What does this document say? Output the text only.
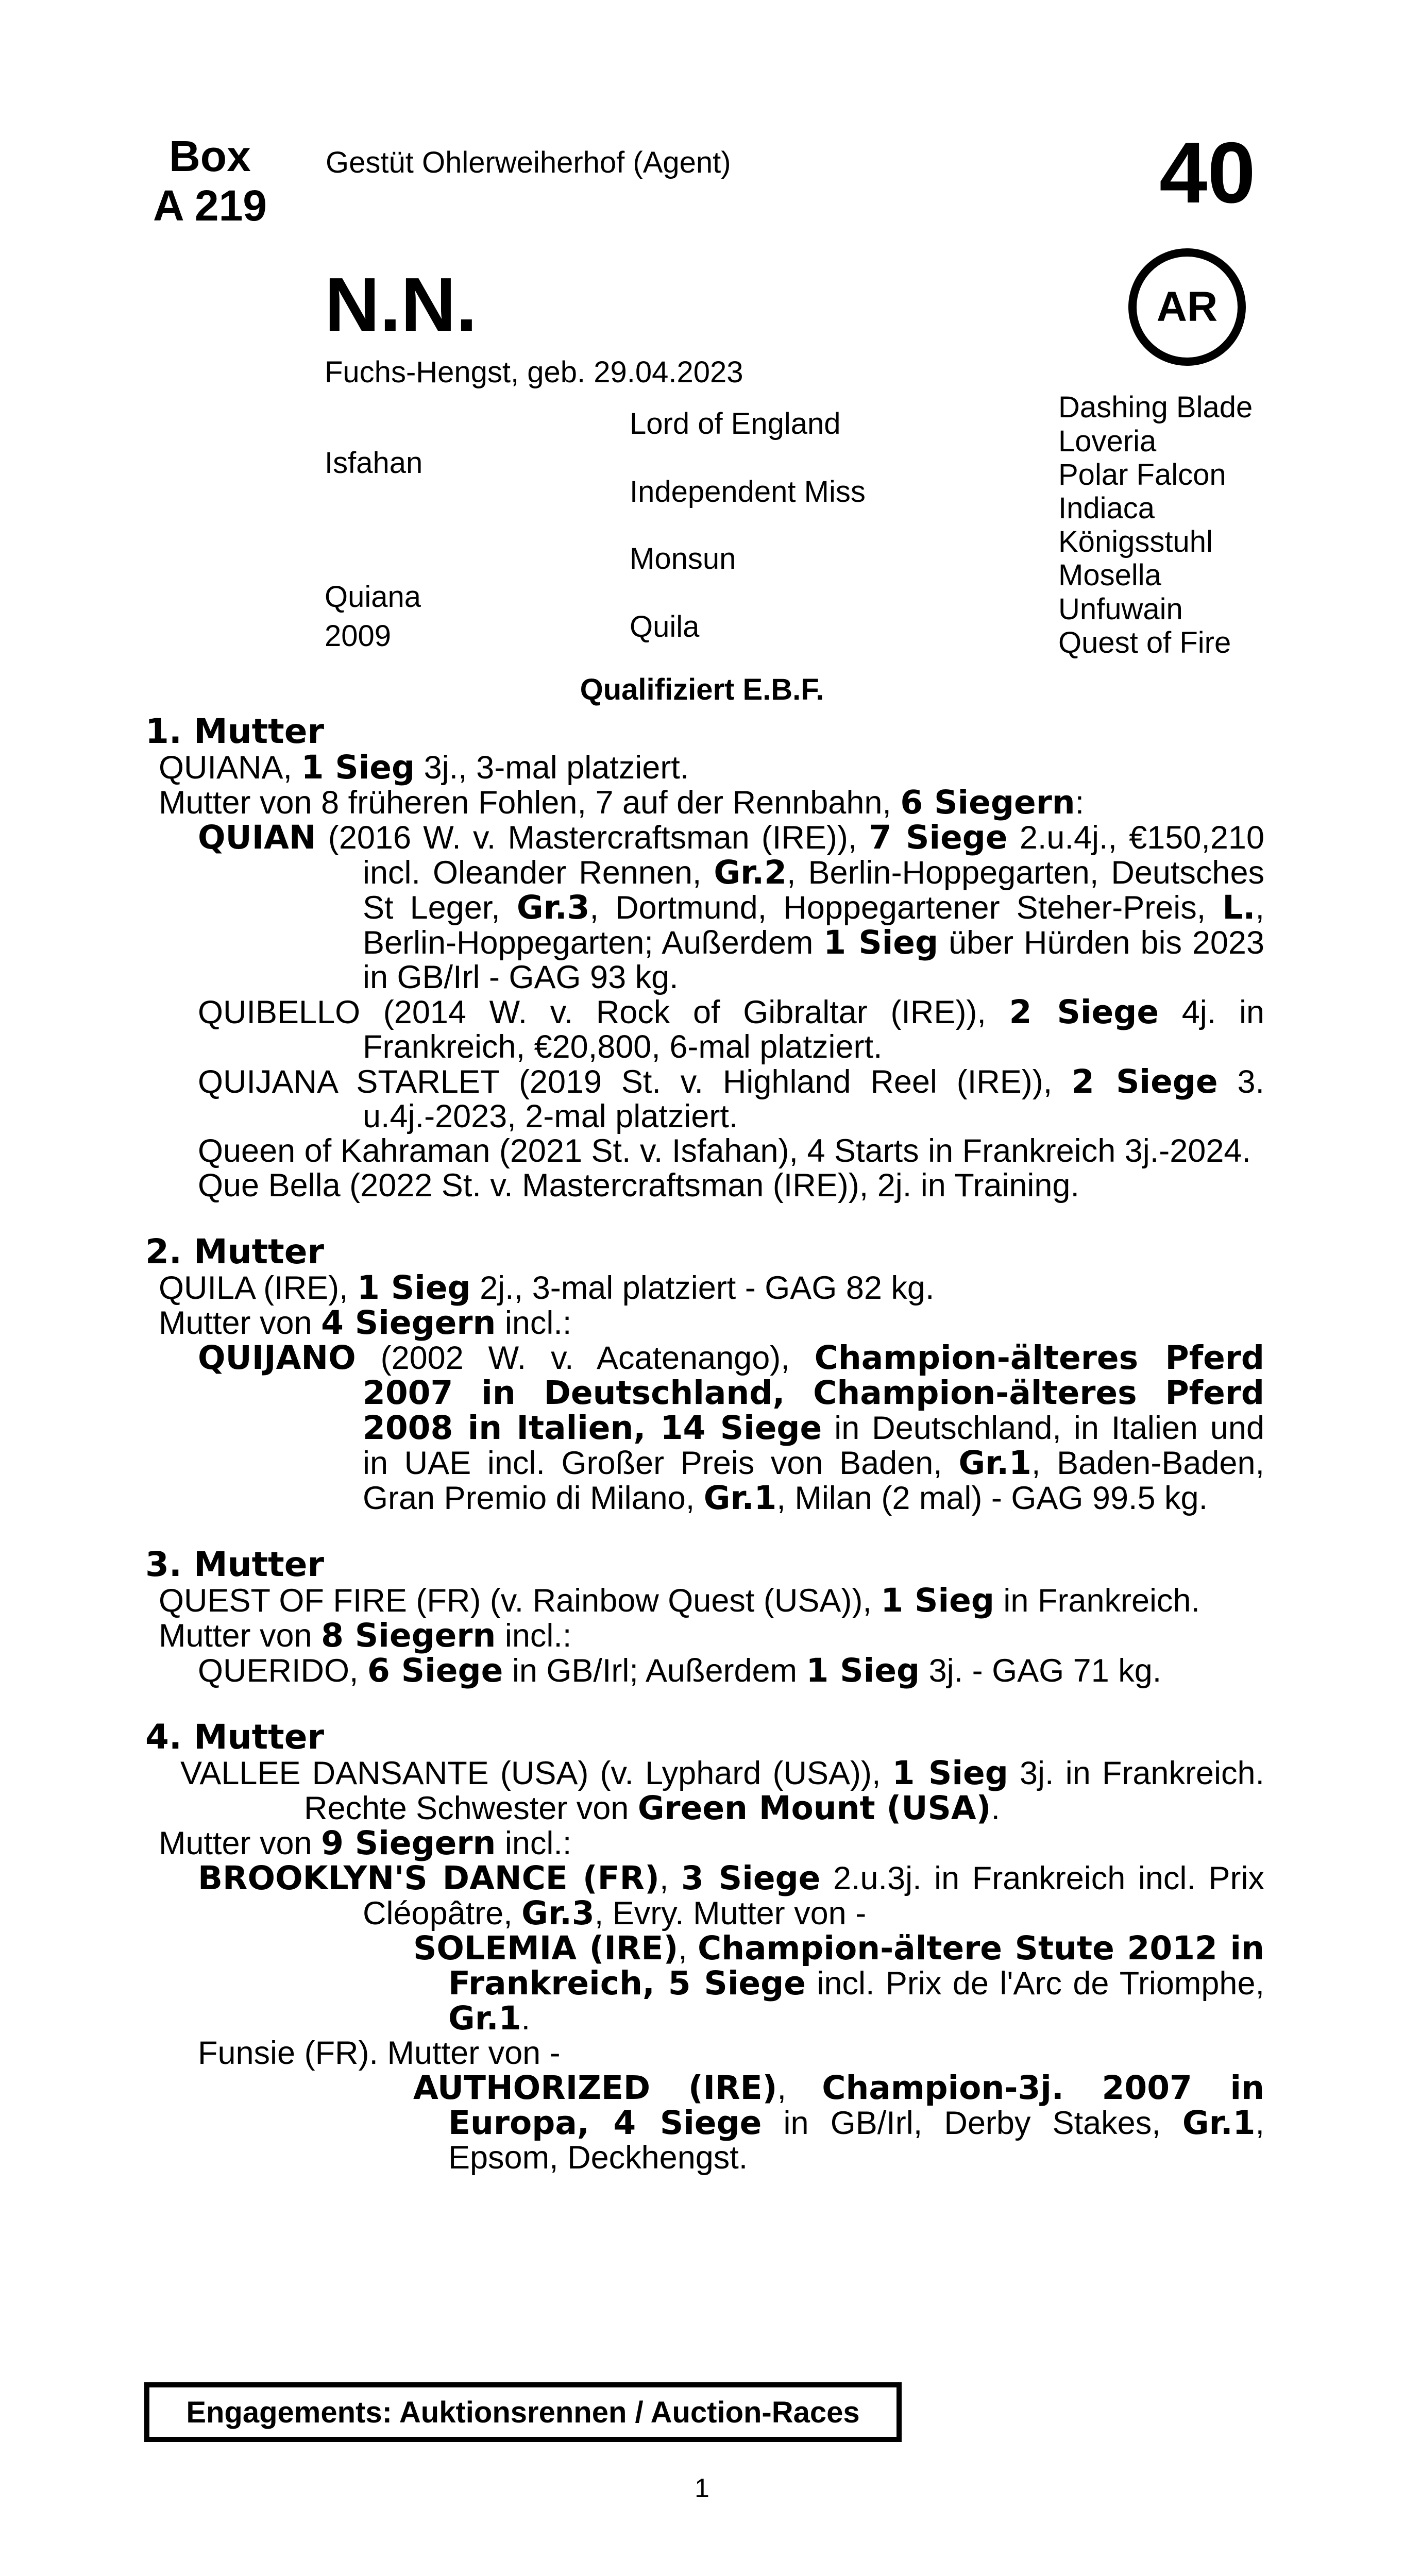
Box
A 219
Gestüt Ohlerweiherhof (Agent)	40
N.N.	AR
Fuchs-Hengst, geb. 29.04.2023
Isfahan
Quiana
2009
Lord of England
Independent Miss
Monsun
Quila
Dashing Blade
Loveria
Polar Falcon
Indiaca
Königsstuhl
Mosella
Unfuwain
Quest of Fire
Qualifiziert E.B.F.

1. Mutter

QUIANA, 1 Sieg 3j., 3-mal platziert.

Mutter von 8 früheren Fohlen, 7 auf der Rennbahn, 6 Siegern:

QUIAN (2016 W. v. Mastercraftsman (IRE)), 7 Siege 2.u.4j., €150,210 incl. Oleander Rennen, Gr.2, Berlin-Hoppegarten, Deutsches St Leger, Gr.3, Dortmund, Hoppegartener Steher-Preis, L., Berlin-Hoppegarten; Außerdem 1 Sieg über Hürden bis 2023 in GB/Irl - GAG 93 kg.

QUIBELLO (2014 W. v. Rock of Gibraltar (IRE)), 2 Siege 4j. in Frankreich, €20,800, 6-mal platziert.

QUIJANA STARLET (2019 St. v. Highland Reel (IRE)), 2 Siege 3. u.4j.-2023, 2-mal platziert.

Queen of Kahraman (2021 St. v. Isfahan), 4 Starts in Frankreich 3j.-2024.

Que Bella (2022 St. v. Mastercraftsman (IRE)), 2j. in Training.

2. Mutter

QUILA (IRE), 1 Sieg 2j., 3-mal platziert - GAG 82 kg.

Mutter von 4 Siegern incl.:

QUIJANO (2002 W. v. Acatenango), Champion-älteres Pferd 2007 in Deutschland, Champion-älteres Pferd 2008 in Italien, 14 Siege in Deutschland, in Italien und in UAE incl. Großer Preis von Baden, Gr.1, Baden-Baden, Gran Premio di Milano, Gr.1, Milan (2 mal) - GAG 99.5 kg.

3. Mutter

QUEST OF FIRE (FR) (v. Rainbow Quest (USA)), 1 Sieg in Frankreich.

Mutter von 8 Siegern incl.:

QUERIDO, 6 Siege in GB/Irl; Außerdem 1 Sieg 3j. - GAG 71 kg.

4. Mutter

VALLEE DANSANTE (USA) (v. Lyphard (USA)), 1 Sieg 3j. in Frankreich. Rechte Schwester von Green Mount (USA).

Mutter von 9 Siegern incl.:

BROOKLYN'S DANCE (FR), 3 Siege 2.u.3j. in Frankreich incl. Prix Cléopâtre, Gr.3, Evry. Mutter von -

SOLEMIA (IRE), Champion-ältere Stute 2012 in Frankreich, 5 Siege incl. Prix de l'Arc de Triomphe, Gr.1.

Funsie (FR). Mutter von -

AUTHORIZED (IRE), Champion-3j. 2007 in Europa, 4 Siege in GB/Irl, Derby Stakes, Gr.1, Epsom, Deckhengst.

Engagements: Auktionsrennen / Auction-Races
1
